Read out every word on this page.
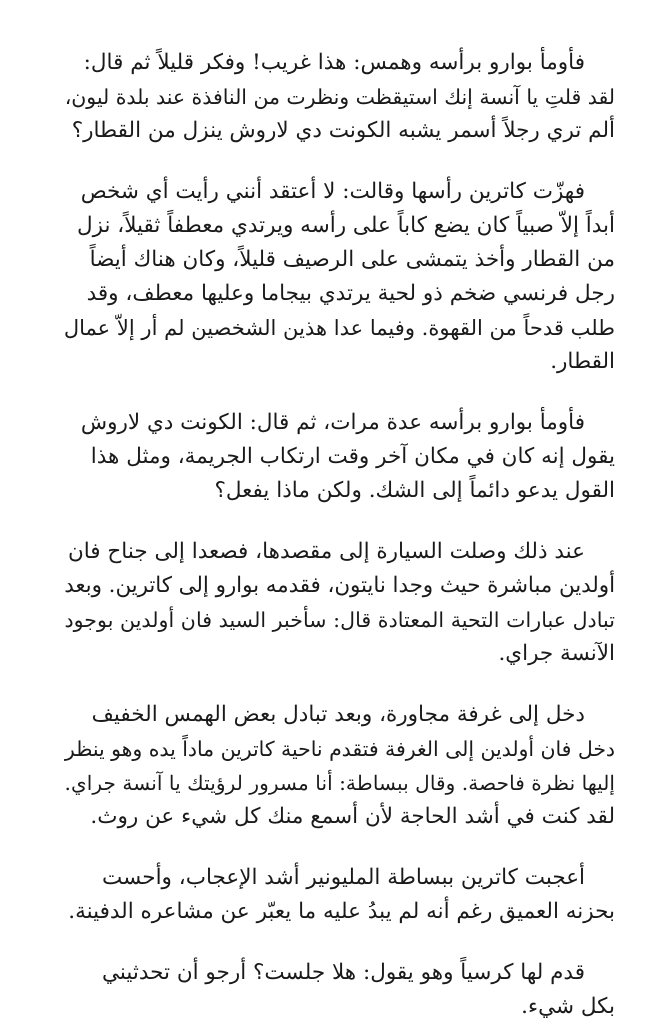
فأومأ بوارو برأسه وهمس: هذا غريب! وفكر قليلاً ثم قال:
لقد قلتِ يا آنسة إنك استيقظت ونظرت من النافذة عند بلدة ليون،
ألم تري رجلاً أسمر يشبه الكونت دي لاروش ينزل من القطار؟

فهزّت كاترين رأسها وقالت: لا أعتقد أنني رأيت أي شخص
أبداً إلاّ صبياً كان يضع كاباً على رأسه ويرتدي معطفاً ثقيلاً، نزل
من القطار وأخذ يتمشى على الرصيف قليلاً، وكان هناك أيضاً
رجل فرنسي ضخم ذو لحية يرتدي بيجاما وعليها معطف، وقد
طلب قدحاً من القهوة. وفيما عدا هذين الشخصين لم أر إلاّ عمال
القطار.

فأومأ بوارو برأسه عدة مرات، ثم قال: الكونت دي لاروش
يقول إنه كان في مكان آخر وقت ارتكاب الجريمة، ومثل هذا
القول يدعو دائماً إلى الشك. ولكن ماذا يفعل؟

عند ذلك وصلت السيارة إلى مقصدها، فصعدا إلى جناح فان
أولدين مباشرة حيث وجدا نايتون، فقدمه بوارو إلى كاترين. وبعد
تبادل عبارات التحية المعتادة قال: سأخبر السيد فان أولدين بوجود
الآنسة جراي.

دخل إلى غرفة مجاورة، وبعد تبادل بعض الهمس الخفيف
دخل فان أولدين إلى الغرفة فتقدم ناحية كاترين ماداً يده وهو ينظر
إليها نظرة فاحصة. وقال ببساطة: أنا مسرور لرؤيتك يا آنسة جراي.
لقد كنت في أشد الحاجة لأن أسمع منك كل شيء عن روث.

أعجبت كاترين ببساطة المليونير أشد الإعجاب، وأحست
بحزنه العميق رغم أنه لم يبدُ عليه ما يعبّر عن مشاعره الدفينة.

قدم لها كرسياً وهو يقول: هلا جلست؟ أرجو أن تحدثيني
بكل شيء.
